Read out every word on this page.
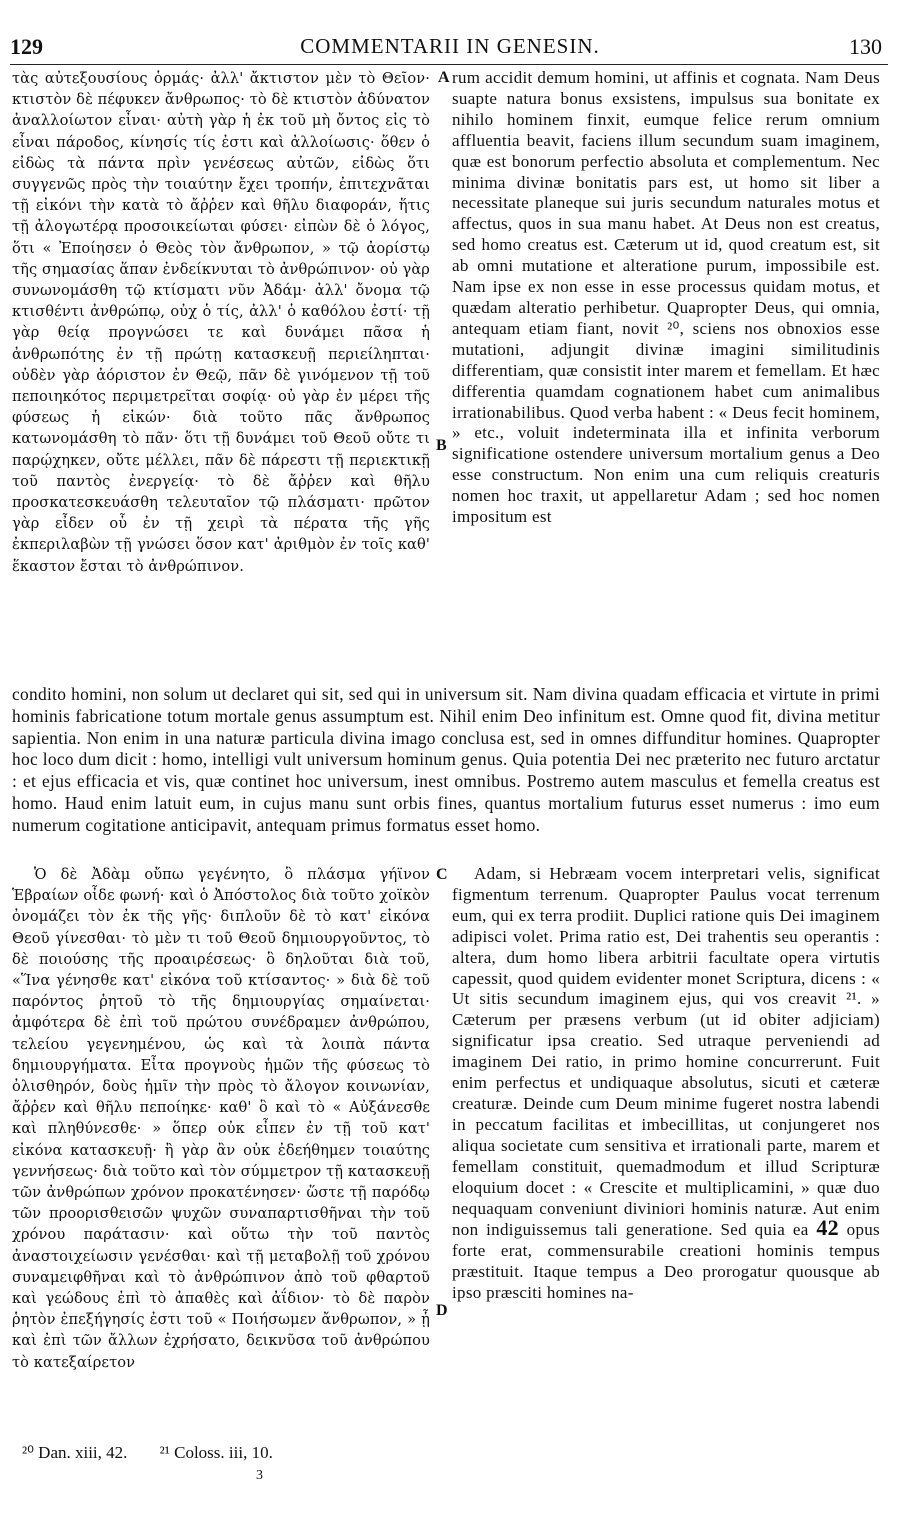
129	COMMENTARII IN GENESIN.	130

τὰς αὐτεξουσίους ὁρμάς· ἀλλ' ἄκτιστον μὲν τὸ Θεῖον· κτιστὸν δὲ πέφυκεν ἄνθρωπος· τὸ δὲ κτιστὸν ἀδύνατον ἀναλλοίωτον εἶναι· αὐτὴ γὰρ ἡ ἐκ τοῦ μὴ ὄντος εἰς τὸ εἶναι πάροδος, κίνησίς τίς ἐστι καὶ ἀλλοίωσις· ὅθεν ὁ εἰδὼς τὰ πάντα πρὶν γενέσεως αὐτῶν, εἰδὼς ὅτι συγγενῶς πρὸς τὴν τοιαύτην ἔχει τροπήν, ἐπιτεχνᾶται τῇ εἰκόνι τὴν κατὰ τὸ ἄῤῥεν καὶ θῆλυ διαφοράν, ἥτις τῇ ἀλογωτέρᾳ προσοικείωται φύσει· εἰπὼν δὲ ὁ λόγος, ὅτι « Ἐποίησεν ὁ Θεὸς τὸν ἄνθρωπον, » τῷ ἀορίστῳ τῆς σημασίας ἅπαν ἐνδείκνυται τὸ ἀνθρώπινον· οὐ γὰρ συνωνομάσθη τῷ κτίσματι νῦν Ἀδάμ· ἀλλ' ὄνομα τῷ κτισθέντι ἀνθρώπῳ, οὐχ ὁ τίς, ἀλλ' ὁ καθόλου ἐστί· τῇ γὰρ θείᾳ προγνώσει τε καὶ δυνάμει πᾶσα ἡ ἀνθρωπότης ἐν τῇ πρώτῃ κατασκευῇ περιείληπται· οὐδὲν γὰρ ἀόριστον ἐν Θεῷ, πᾶν δὲ γινόμενον τῇ τοῦ πεποιηκότος περιμετρεῖται σοφίᾳ· οὐ γὰρ ἐν μέρει τῆς φύσεως ἡ εἰκών· διὰ τοῦτο πᾶς ἄνθρωπος κατωνομάσθη τὸ πᾶν· ὅτι τῇ δυνάμει τοῦ Θεοῦ οὔτε τι παρῴχηκεν, οὔτε μέλλει, πᾶν δὲ πάρεστι τῇ περιεκτικῇ τοῦ παντὸς ἐνεργείᾳ· τὸ δὲ ἄῤῥεν καὶ θῆλυ προσκατεσκευάσθη τελευταῖον τῷ πλάσματι· πρῶτον γὰρ εἶδεν οὗ ἐν τῇ χειρὶ τὰ πέρατα τῆς γῆς ἐκπεριλαβὼν τῇ γνώσει ὅσον κατ' ἀριθμὸν ἐν τοῖς καθ' ἕκαστον ἔσται τὸ ἀνθρώπινον.

A
B

rum accidit demum homini, ut affinis et cognata. Nam Deus suapte natura bonus exsistens, impulsus sua bonitate ex nihilo hominem finxit, eumque felice rerum omnium affluentia beavit, faciens illum secundum suam imaginem, quæ est bonorum perfectio absoluta et complementum. Nec minima divinæ bonitatis pars est, ut homo sit liber a necessitate planeque sui juris secundum naturales motus et affectus, quos in sua manu habet. At Deus non est creatus, sed homo creatus est. Cæterum ut id, quod creatum est, sit ab omni mutatione et alteratione purum, impossibile est. Nam ipse ex non esse in esse processus quidam motus, et quædam alteratio perhibetur. Quapropter Deus, qui omnia, antequam etiam fiant, novit ²⁰, sciens nos obnoxios esse mutationi, adjungit divinæ imagini similitudinis differentiam, quæ consistit inter marem et femellam. Et hæc differentia quamdam cognationem habet cum animalibus irrationabilibus. Quod verba habent : « Deus fecit hominem, » etc., voluit indeterminata illa et infinita verborum significatione ostendere universum mortalium genus a Deo esse constructum. Non enim una cum reliquis creaturis nomen hoc traxit, ut appellaretur Adam ; sed hoc nomen impositum est

condito homini, non solum ut declaret qui sit, sed qui in universum sit. Nam divina quadam efficacia et virtute in primi hominis fabricatione totum mortale genus assumptum est. Nihil enim Deo infinitum est. Omne quod fit, divina metitur sapientia. Non enim in una naturæ particula divina imago conclusa est, sed in omnes diffunditur homines. Quapropter hoc loco dum dicit : homo, intelligi vult universum hominum genus. Quia potentia Dei nec præterito nec futuro arctatur : et ejus efficacia et vis, quæ continet hoc universum, inest omnibus. Postremo autem masculus et femella creatus est homo. Haud enim latuit eum, in cujus manu sunt orbis fines, quantus mortalium futurus esset numerus : imo eum numerum cogitatione anticipavit, antequam primus formatus esset homo.

Ὁ δὲ Ἀδὰμ οὔπω γεγένητο, ὃ πλάσμα γήϊνον Ἑβραίων οἶδε φωνή· καὶ ὁ Ἀπόστολος διὰ τοῦτο χοϊκὸν ὀνομάζει τὸν ἐκ τῆς γῆς· διπλοῦν δὲ τὸ κατ' εἰκόνα Θεοῦ γίνεσθαι· τὸ μὲν τι τοῦ Θεοῦ δημιουργοῦντος, τὸ δὲ ποιούσης τῆς προαιρέσεως· ὃ δηλοῦται διὰ τοῦ, «Ἵνα γένησθε κατ' εἰκόνα τοῦ κτίσαντος· » διὰ δὲ τοῦ παρόντος ῥητοῦ τὸ τῆς δημιουργίας σημαίνεται· ἀμφότερα δὲ ἐπὶ τοῦ πρώτου συνέδραμεν ἀνθρώπου, τελείου γεγενημένου, ὡς καὶ τὰ λοιπὰ πάντα δημιουργήματα. Εἶτα προγνοὺς ἡμῶν τῆς φύσεως τὸ ὀλισθηρόν, δοὺς ἡμῖν τὴν πρὸς τὸ ἄλογον κοινωνίαν, ἄῤῥεν καὶ θῆλυ πεποίηκε· καθ' ὃ καὶ τὸ « Αὐξάνεσθε καὶ πληθύνεσθε· » ὅπερ οὐκ εἶπεν ἐν τῇ τοῦ κατ' εἰκόνα κατασκευῇ· ἢ γὰρ ἂν οὐκ ἐδεήθημεν τοιαύτης γεννήσεως· διὰ τοῦτο καὶ τὸν σύμμετρον τῇ κατασκευῇ τῶν ἀνθρώπων χρόνον προκατένησεν· ὥστε τῇ παρόδῳ τῶν προορισθεισῶν ψυχῶν συναπαρτισθῆναι τὴν τοῦ χρόνου παράτασιν· καὶ οὕτω τὴν τοῦ παντὸς ἀναστοιχείωσιν γενέσθαι· καὶ τῇ μεταβολῇ τοῦ χρόνου συναμειφθῆναι καὶ τὸ ἀνθρώπινον ἀπὸ τοῦ φθαρτοῦ καὶ γεώδους ἐπὶ τὸ ἀπαθὲς καὶ ἀΐδιον· τὸ δὲ παρὸν ῥητὸν ἐπεξήγησίς ἐστι τοῦ « Ποιήσωμεν ἄνθρωπον, » ᾗ καὶ ἐπὶ τῶν ἄλλων ἐχρήσατο, δεικνῦσα τοῦ ἀνθρώπου τὸ κατεξαίρετον

C
D

Adam, si Hebræam vocem interpretari velis, significat figmentum terrenum. Quapropter Paulus vocat terrenum eum, qui ex terra prodiit. Duplici ratione quis Dei imaginem adipisci volet. Prima ratio est, Dei trahentis seu operantis : altera, dum homo libera arbitrii facultate opera virtutis capessit, quod quidem evidenter monet Scriptura, dicens : « Ut sitis secundum imaginem ejus, qui vos creavit ²¹. » Cæterum per præsens verbum (ut id obiter adjiciam) significatur ipsa creatio. Sed utraque perveniendi ad imaginem Dei ratio, in primo homine concurrerunt. Fuit enim perfectus et undiquaque absolutus, sicuti et cæteræ creaturæ. Deinde cum Deum minime fugeret nostra labendi in peccatum facilitas et imbecillitas, ut conjungeret nos aliqua societate cum sensitiva et irrationali parte, marem et femellam constituit, quemadmodum et illud Scripturæ eloquium docet : « Crescite et multiplicamini, » quæ duo nequaquam conveniunt diviniori hominis naturæ. Aut enim non indiguissemus tali generatione. Sed quia ea 42 opus forte erat, commensurabile creationi hominis tempus præstituit. Itaque tempus a Deo prorogatur quousque ab ipso præsciti homines na-

²⁰ Dan. xiii, 42. ²¹ Coloss. iii, 10.
3
